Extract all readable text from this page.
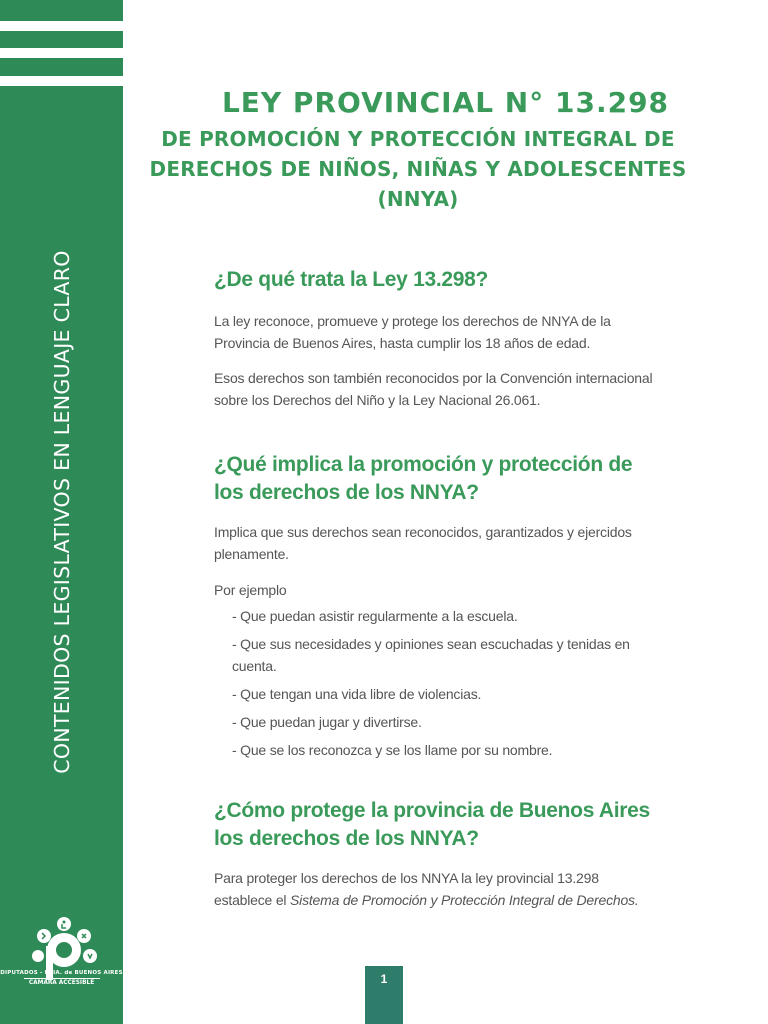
CONTENIDOS LEGISLATIVOS EN LENGUAJE CLARO
DIPUTADOS - PCIA. de BUENOS AIRES
CÁMARA ACCESIBLE
LEY PROVINCIAL N° 13.298
DE PROMOCIÓN Y PROTECCIÓN INTEGRAL DE
DERECHOS DE NIÑOS, NIÑAS Y ADOLESCENTES (NNYA)
¿De qué trata la Ley 13.298?

La ley reconoce, promueve y protege los derechos de NNYA de la Provincia de Buenos Aires, hasta cumplir los 18 años de edad.

Esos derechos son también reconocidos por la Convención internacional sobre los Derechos del Niño y la Ley Nacional 26.061.

¿Qué implica la promoción y protección de los derechos de los NNYA?

Implica que sus derechos sean reconocidos, garantizados y ejercidos plenamente.

Por ejemplo

- Que puedan asistir regularmente a la escuela.
- Que sus necesidades y opiniones sean escuchadas y tenidas en cuenta.
- Que tengan una vida libre de violencias.
- Que puedan jugar y divertirse.
- Que se los reconozca y se los llame por su nombre.
¿Cómo protege la provincia de Buenos Aires los derechos de los NNYA?

Para proteger los derechos de los NNYA la ley provincial 13.298 establece el Sistema de Promoción y Protección Integral de Derechos.

1
